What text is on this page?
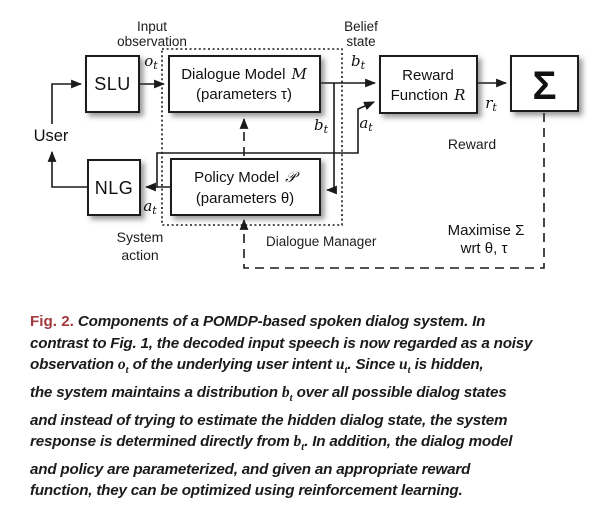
SLU
NLG
Dialogue Model M
(parameters τ)
Policy Model 𝒫
(parameters θ)
Reward
Function R Σ
Input
observation
Belief
state
User
System
action
Dialogue Manager
Reward
Maximise Σ
wrt θ, τ
$o_t$	$b_t$
$b_t$ $a_t$
$a_t$
$r_t$
Fig. 2. Components of a POMDP-based spoken dialog system. In
contrast to Fig. 1, the decoded input speech is now regarded as a noisy
observation $o_t$ of the underlying user intent $u_t$. Since $u_t$ is hidden,
the system maintains a distribution $b_t$ over all possible dialog states
and instead of trying to estimate the hidden dialog state, the system
response is determined directly from $b_t$. In addition, the dialog model
and policy are parameterized, and given an appropriate reward
function, they can be optimized using reinforcement learning.
